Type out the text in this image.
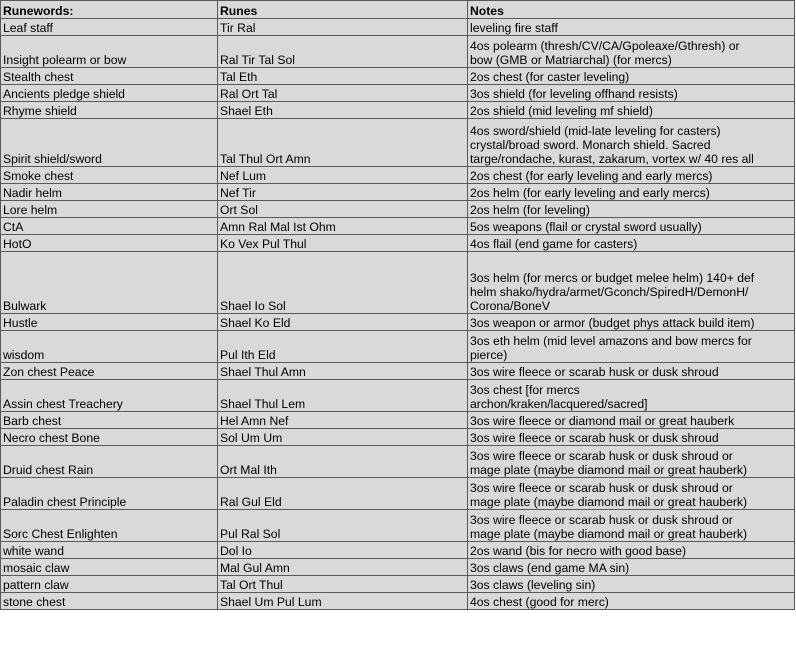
Runewords:	Runes	Notes
Leaf staff	Tir Ral	leveling fire staff
Insight polearm or bow	Ral Tir Tal Sol	4os polearm (thresh/CV/CA/Gpoleaxe/Gthresh) or
bow (GMB or Matriarchal) (for mercs)
Stealth chest	Tal Eth	2os chest (for caster leveling)
Ancients pledge shield	Ral Ort Tal	3os shield (for leveling offhand resists)
Rhyme shield	Shael Eth	2os shield (mid leveling mf shield)
Spirit shield/sword	Tal Thul Ort Amn	4os sword/shield (mid-late leveling for casters)
crystal/broad sword. Monarch shield. Sacred
targe/rondache, kurast, zakarum, vortex w/ 40 res all
Smoke chest	Nef Lum	2os chest (for early leveling and early mercs)
Nadir helm	Nef Tir	2os helm (for early leveling and early mercs)
Lore helm	Ort Sol	2os helm (for leveling)
CtA	Amn Ral Mal Ist Ohm	5os weapons (flail or crystal sword usually)
HotO	Ko Vex Pul Thul	4os flail (end game for casters)
Bulwark	Shael Io Sol	3os helm (for mercs or budget melee helm) 140+ def
helm shako/hydra/armet/Gconch/SpiredH/DemonH/
Corona/BoneV
Hustle	Shael Ko Eld	3os weapon or armor (budget phys attack build item)
wisdom	Pul Ith Eld	3os eth helm (mid level amazons and bow mercs for
pierce)
Zon chest Peace	Shael Thul Amn	3os wire fleece or scarab husk or dusk shroud
Assin chest Treachery	Shael Thul Lem	3os chest [for mercs
archon/kraken/lacquered/sacred]
Barb chest	Hel Amn Nef	3os wire fleece or diamond mail or great hauberk
Necro chest Bone	Sol Um Um	3os wire fleece or scarab husk or dusk shroud
Druid chest Rain	Ort Mal Ith	3os wire fleece or scarab husk or dusk shroud or
mage plate (maybe diamond mail or great hauberk)
Paladin chest Principle	Ral Gul Eld	3os wire fleece or scarab husk or dusk shroud or
mage plate (maybe diamond mail or great hauberk)
Sorc Chest Enlighten	Pul Ral Sol	3os wire fleece or scarab husk or dusk shroud or
mage plate (maybe diamond mail or great hauberk)
white wand	Dol Io	2os wand (bis for necro with good base)
mosaic claw	Mal Gul Amn	3os claws (end game MA sin)
pattern claw	Tal Ort Thul	3os claws (leveling sin)
stone chest	Shael Um Pul Lum	4os chest (good for merc)
